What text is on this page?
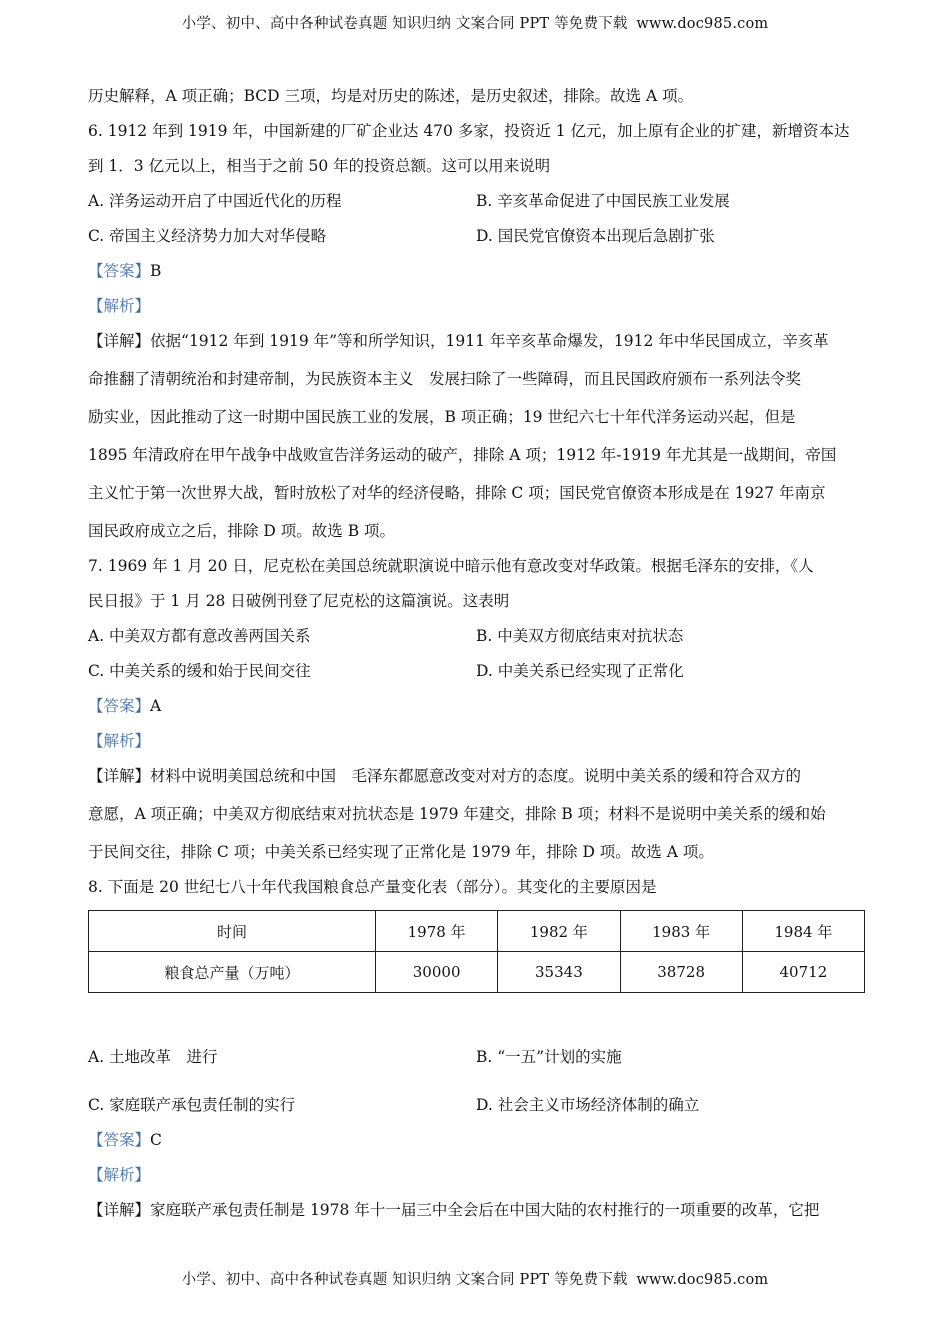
小学、初中、高中各种试卷真题 知识归纳 文案合同 PPT 等免费下载 www.doc985.com
历史解释，A 项正确；BCD 三项，均是对历史的陈述，是历史叙述，排除。故选 A 项。
6. 1912 年到 1919 年，中国新建的厂矿企业达 470 多家，投资近 1 亿元，加上原有企业的扩建，新增资本达
到 1．3 亿元以上，相当于之前 50 年的投资总额。这可以用来说明
A. 洋务运动开启了中国近代化的历程	B. 辛亥革命促进了中国民族工业发展
C. 帝国主义经济势力加大对华侵略	D. 国民党官僚资本出现后急剧扩张
【答案】B
【解析】
【详解】依据“1912 年到 1919 年”等和所学知识，1911 年辛亥革命爆发，1912 年中华民国成立，辛亥革
命推翻了清朝统治和封建帝制，为民族资本主义　发展扫除了一些障碍，而且民国政府颁布一系列法令奖
励实业，因此推动了这一时期中国民族工业的发展，B 项正确；19 世纪六七十年代洋务运动兴起，但是
1895 年清政府在甲午战争中战败宣告洋务运动的破产，排除 A 项；1912 年-1919 年尤其是一战期间，帝国
主义忙于第一次世界大战，暂时放松了对华的经济侵略，排除 C 项；国民党官僚资本形成是在 1927 年南京
国民政府成立之后，排除 D 项。故选 B 项。
7. 1969 年 1 月 20 日，尼克松在美国总统就职演说中暗示他有意改变对华政策。根据毛泽东的安排，《人
民日报》于 1 月 28 日破例刊登了尼克松的这篇演说。这表明
A. 中美双方都有意改善两国关系	B. 中美双方彻底结束对抗状态
C. 中美关系的缓和始于民间交往	D. 中美关系已经实现了正常化
【答案】A
【解析】
【详解】材料中说明美国总统和中国　毛泽东都愿意改变对对方的态度。说明中美关系的缓和符合双方的
意愿，A 项正确；中美双方彻底结束对抗状态是 1979 年建交，排除 B 项；材料不是说明中美关系的缓和始
于民间交往，排除 C 项；中美关系已经实现了正常化是 1979 年，排除 D 项。故选 A 项。
8. 下面是 20 世纪七八十年代我国粮食总产量变化表（部分）。其变化的主要原因是
时间	1978 年	1982 年	1983 年	1984 年
粮食总产量（万吨）	30000	35343	38728	40712
A. 土地改革　进行	B. “一五”计划的实施
C. 家庭联产承包责任制的实行	D. 社会主义市场经济体制的确立
【答案】C
【解析】
【详解】家庭联产承包责任制是 1978 年十一届三中全会后在中国大陆的农村推行的一项重要的改革，它把
小学、初中、高中各种试卷真题 知识归纳 文案合同 PPT 等免费下载 www.doc985.com
